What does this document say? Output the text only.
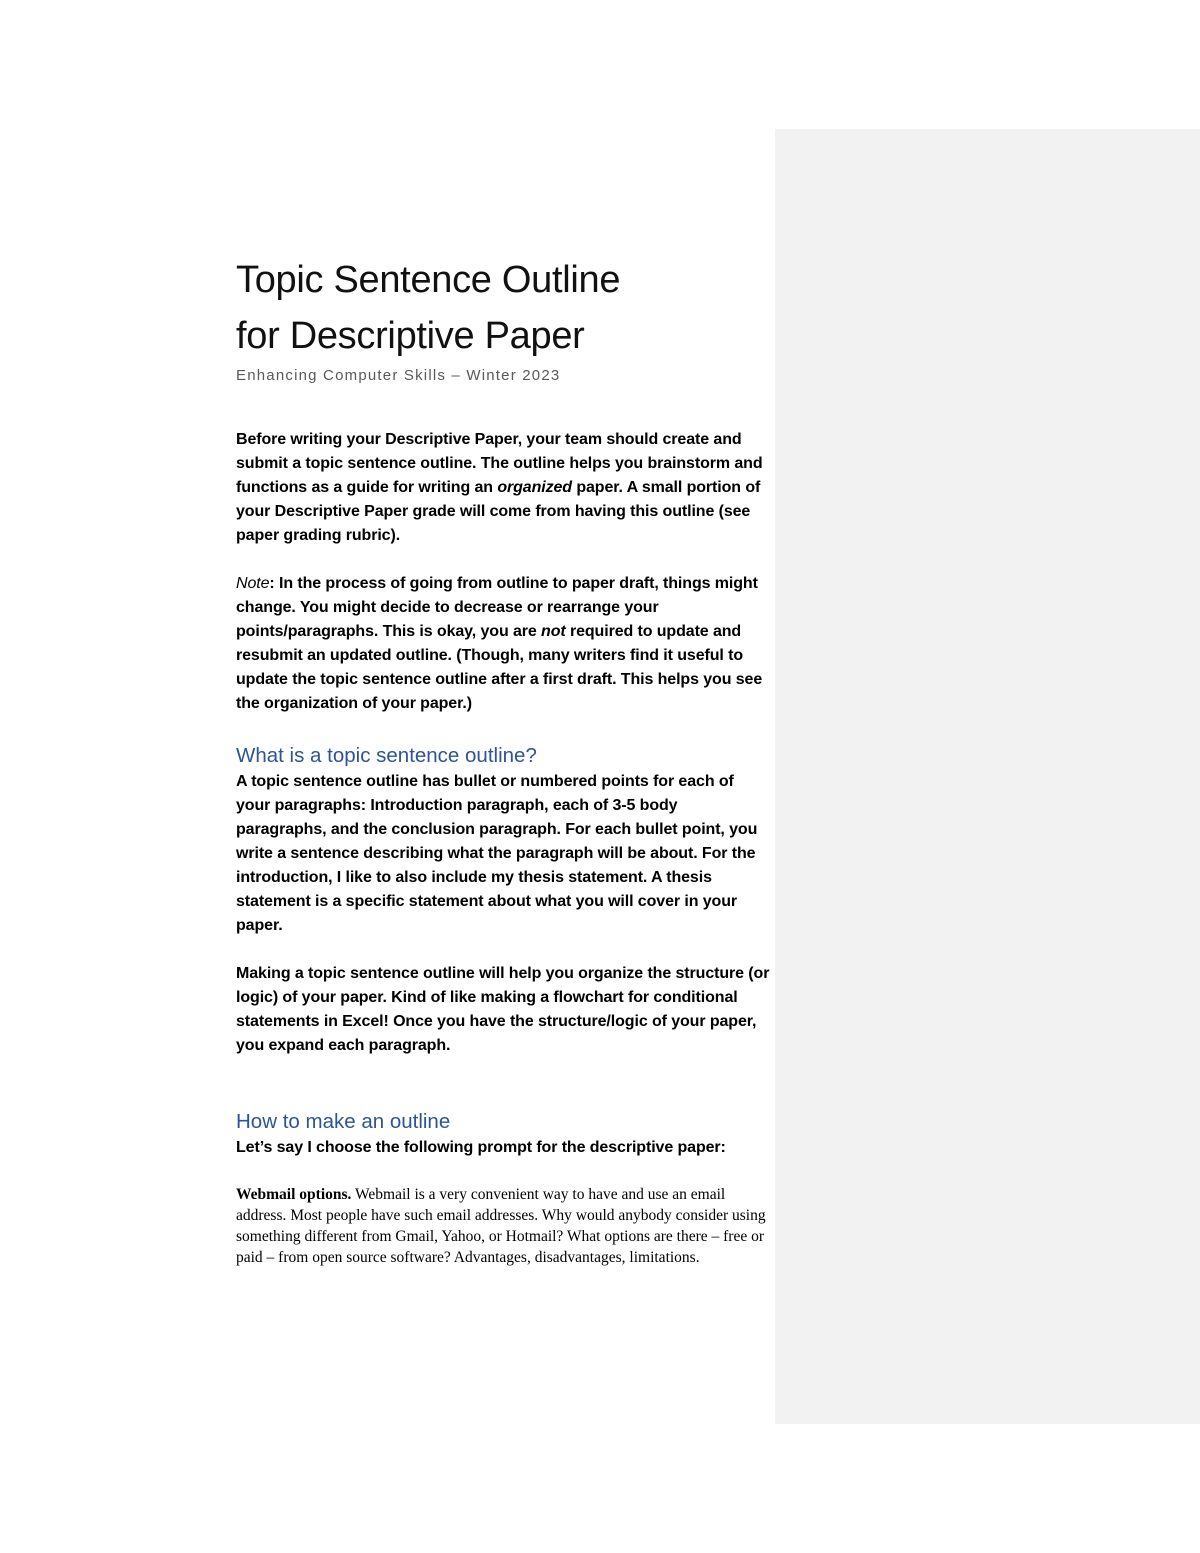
Topic Sentence Outline
for Descriptive Paper

Enhancing Computer Skills – Winter 2023

Before writing your Descriptive Paper, your team should create and submit a topic sentence outline. The outline helps you brainstorm and functions as a guide for writing an organized paper. A small portion of your Descriptive Paper grade will come from having this outline (see paper grading rubric).

Note: In the process of going from outline to paper draft, things might change. You might decide to decrease or rearrange your points/paragraphs. This is okay, you are not required to update and resubmit an updated outline. (Though, many writers find it useful to update the topic sentence outline after a first draft. This helps you see the organization of your paper.)

What is a topic sentence outline?

A topic sentence outline has bullet or numbered points for each of your paragraphs: Introduction paragraph, each of 3-5 body paragraphs, and the conclusion paragraph. For each bullet point, you write a sentence describing what the paragraph will be about. For the introduction, I like to also include my thesis statement. A thesis statement is a specific statement about what you will cover in your paper.

Making a topic sentence outline will help you organize the structure (or logic) of your paper. Kind of like making a flowchart for conditional statements in Excel! Once you have the structure/logic of your paper, you expand each paragraph.

How to make an outline

Let’s say I choose the following prompt for the descriptive paper:

Webmail options. Webmail is a very convenient way to have and use an email address. Most people have such email addresses. Why would anybody consider using something different from Gmail, Yahoo, or Hotmail? What options are there – free or paid – from open source software? Advantages, disadvantages, limitations.
